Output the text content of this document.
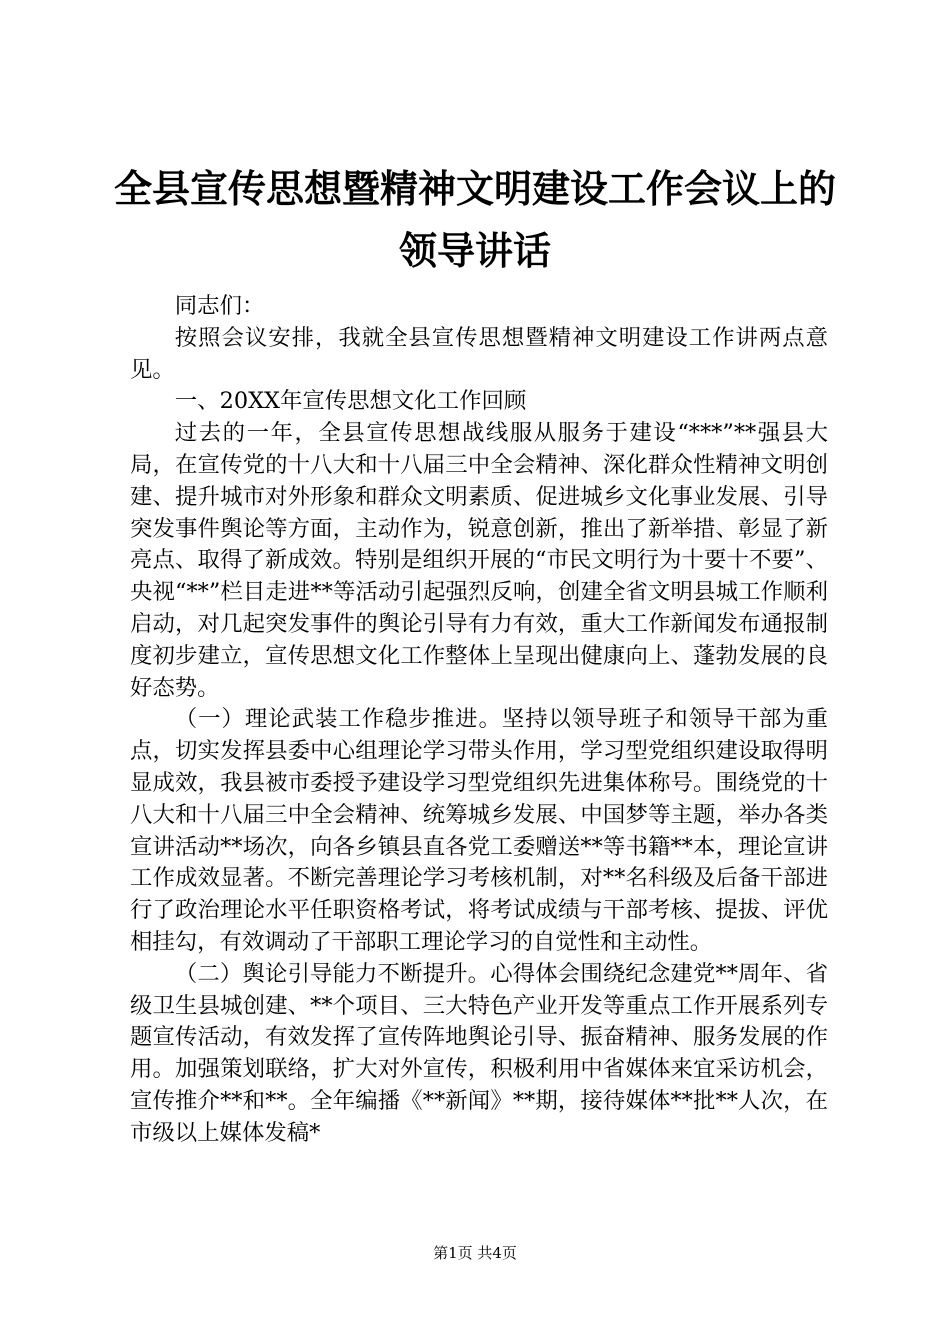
全县宣传思想暨精神文明建设工作会议上的领导讲话

同志们：

按照会议安排，我就全县宣传思想暨精神文明建设工作讲两点意见。

一、20XX年宣传思想文化工作回顾

过去的一年，全县宣传思想战线服从服务于建设“***”**强县大局，在宣传党的十八大和十八届三中全会精神、深化群众性精神文明创建、提升城市对外形象和群众文明素质、促进城乡文化事业发展、引导突发事件舆论等方面，主动作为，锐意创新，推出了新举措、彰显了新亮点、取得了新成效。特别是组织开展的“市民文明行为十要十不要”、央视“**”栏目走进**等活动引起强烈反响，创建全省文明县城工作顺利启动，对几起突发事件的舆论引导有力有效，重大工作新闻发布通报制度初步建立，宣传思想文化工作整体上呈现出健康向上、蓬勃发展的良好态势。

（一）理论武装工作稳步推进。坚持以领导班子和领导干部为重点，切实发挥县委中心组理论学习带头作用，学习型党组织建设取得明显成效，我县被市委授予建设学习型党组织先进集体称号。围绕党的十八大和十八届三中全会精神、统筹城乡发展、中国梦等主题，举办各类宣讲活动**场次，向各乡镇县直各党工委赠送**等书籍**本，理论宣讲工作成效显著。不断完善理论学习考核机制，对**名科级及后备干部进行了政治理论水平任职资格考试，将考试成绩与干部考核、提拔、评优相挂勾，有效调动了干部职工理论学习的自觉性和主动性。

（二）舆论引导能力不断提升。心得体会围绕纪念建党**周年、省级卫生县城创建、**个项目、三大特色产业开发等重点工作开展系列专题宣传活动，有效发挥了宣传阵地舆论引导、振奋精神、服务发展的作用。加强策划联络，扩大对外宣传，积极利用中省媒体来宜采访机会，宣传推介**和**。全年编播《**新闻》**期，接待媒体**批**人次，在市级以上媒体发稿*

第1页 共4页
